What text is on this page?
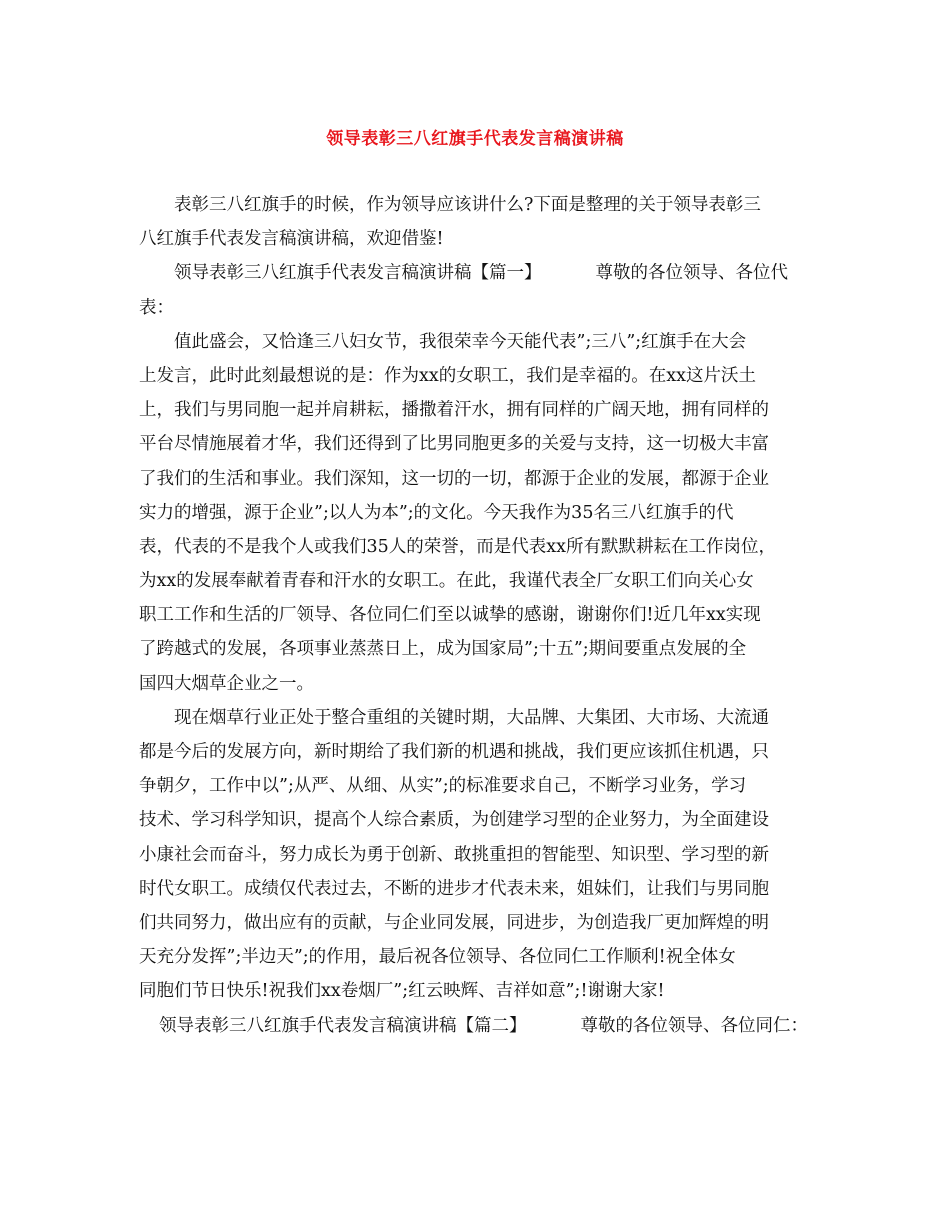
领导表彰三八红旗手代表发言稿演讲稿
表彰三八红旗手的时候，作为领导应该讲什么?下面是整理的关于领导表彰三
八红旗手代表发言稿演讲稿，欢迎借鉴!
领导表彰三八红旗手代表发言稿演讲稿【篇一】	尊敬的各位领导、各位代
表：
值此盛会，又恰逢三八妇女节，我很荣幸今天能代表”;三八”;红旗手在大会
上发言，此时此刻最想说的是：作为xx的女职工，我们是幸福的。在xx这片沃土
上，我们与男同胞一起并肩耕耘，播撒着汗水，拥有同样的广阔天地，拥有同样的
平台尽情施展着才华，我们还得到了比男同胞更多的关爱与支持，这一切极大丰富
了我们的生活和事业。我们深知，这一切的一切，都源于企业的发展，都源于企业
实力的增强，源于企业”;以人为本”;的文化。今天我作为35名三八红旗手的代
表，代表的不是我个人或我们35人的荣誉，而是代表xx所有默默耕耘在工作岗位，
为xx的发展奉献着青春和汗水的女职工。在此，我谨代表全厂女职工们向关心女
职工工作和生活的厂领导、各位同仁们至以诚挚的感谢，谢谢你们!近几年xx实现
了跨越式的发展，各项事业蒸蒸日上，成为国家局”;十五”;期间要重点发展的全
国四大烟草企业之一。
现在烟草行业正处于整合重组的关键时期，大品牌、大集团、大市场、大流通
都是今后的发展方向，新时期给了我们新的机遇和挑战，我们更应该抓住机遇，只
争朝夕，工作中以”;从严、从细、从实”;的标准要求自己，不断学习业务，学习
技术、学习科学知识，提高个人综合素质，为创建学习型的企业努力，为全面建设
小康社会而奋斗，努力成长为勇于创新、敢挑重担的智能型、知识型、学习型的新
时代女职工。成绩仅代表过去，不断的进步才代表未来，姐妹们，让我们与男同胞
们共同努力，做出应有的贡献，与企业同发展，同进步，为创造我厂更加辉煌的明
天充分发挥”;半边天”;的作用，最后祝各位领导、各位同仁工作顺利!祝全体女
同胞们节日快乐!祝我们xx卷烟厂”;红云映辉、吉祥如意”;!谢谢大家!
领导表彰三八红旗手代表发言稿演讲稿【篇二】	尊敬的各位领导、各位同仁：
